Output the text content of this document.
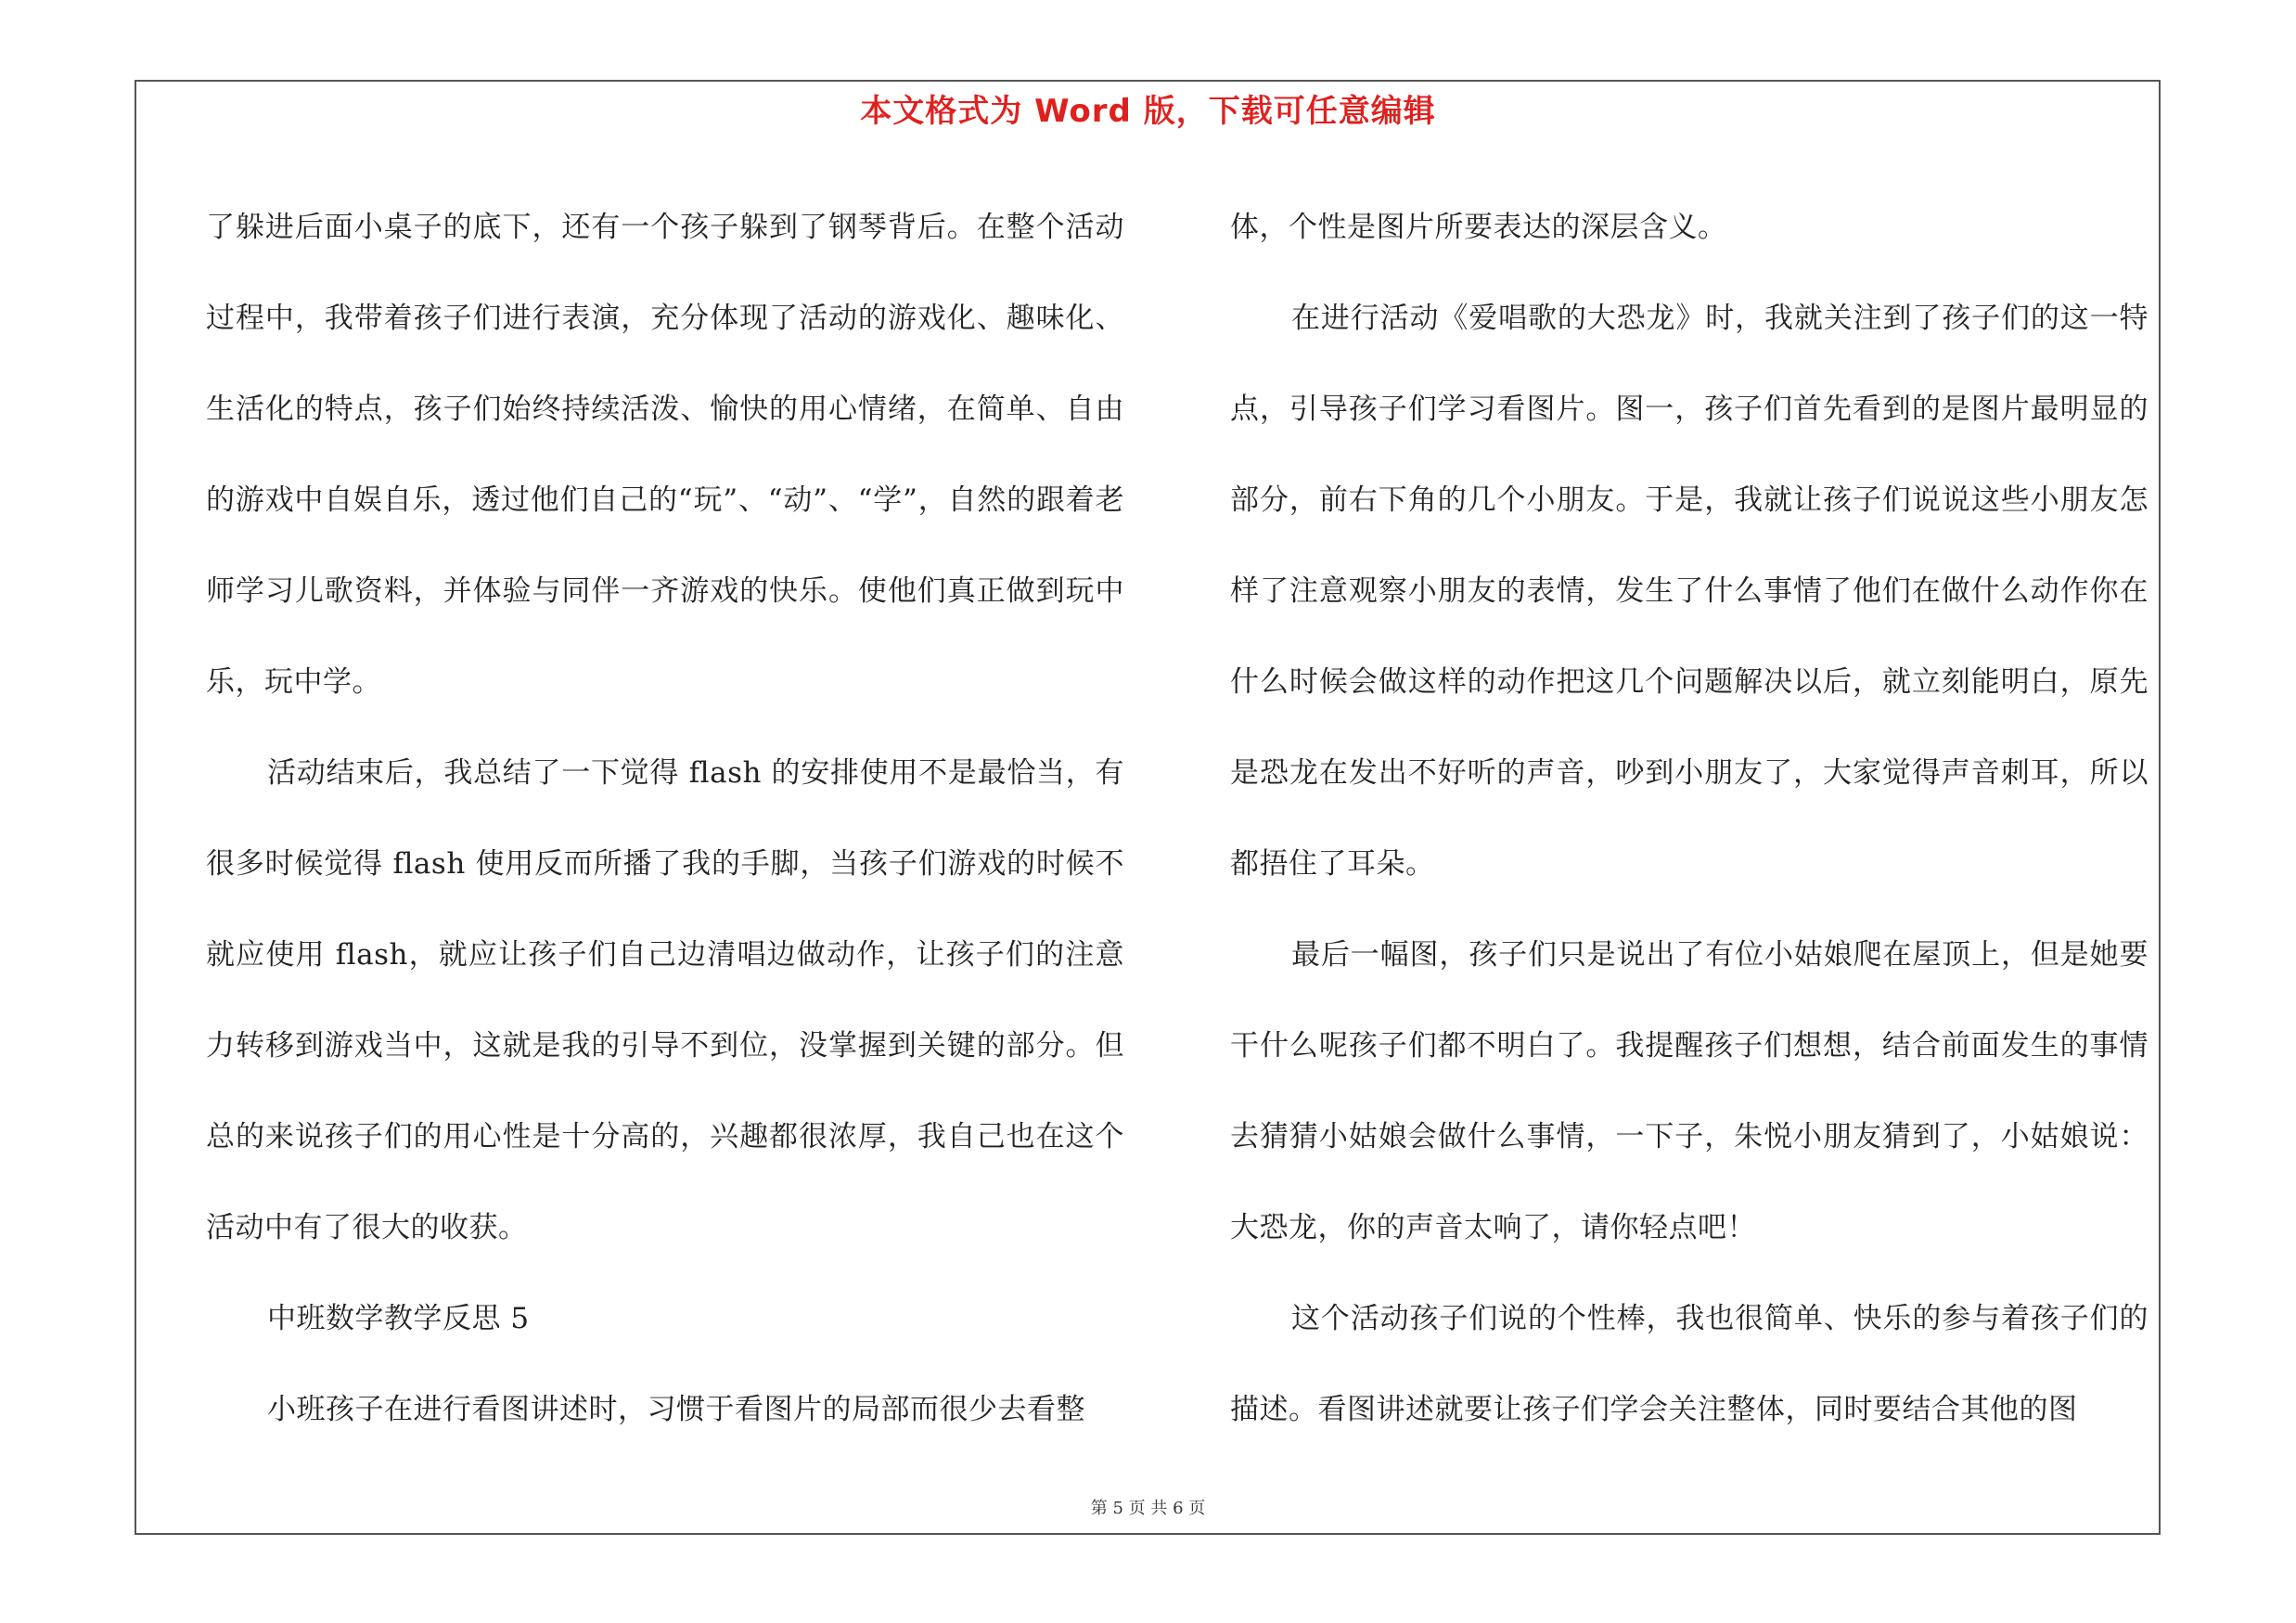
本文格式为 Word 版，下载可任意编辑

了躲进后面小桌子的底下，还有一个孩子躲到了钢琴背后。在整个活动过程中，我带着孩子们进行表演，充分体现了活动的游戏化、趣味化、生活化的特点，孩子们始终持续活泼、愉快的用心情绪，在简单、自由的游戏中自娱自乐，透过他们自己的“玩”、“动”、“学”，自然的跟着老师学习儿歌资料，并体验与同伴一齐游戏的快乐。使他们真正做到玩中乐，玩中学。

活动结束后，我总结了一下觉得 flash 的安排使用不是最恰当，有很多时候觉得 flash 使用反而所播了我的手脚，当孩子们游戏的时候不就应使用 flash，就应让孩子们自己边清唱边做动作，让孩子们的注意力转移到游戏当中，这就是我的引导不到位，没掌握到关键的部分。但总的来说孩子们的用心性是十分高的，兴趣都很浓厚，我自己也在这个活动中有了很大的收获。

中班数学教学反思 5

小班孩子在进行看图讲述时，习惯于看图片的局部而很少去看整

体，个性是图片所要表达的深层含义。

在进行活动《爱唱歌的大恐龙》时，我就关注到了孩子们的这一特点，引导孩子们学习看图片。图一，孩子们首先看到的是图片最明显的部分，前右下角的几个小朋友。于是，我就让孩子们说说这些小朋友怎样了注意观察小朋友的表情，发生了什么事情了他们在做什么动作你在什么时候会做这样的动作把这几个问题解决以后，就立刻能明白，原先是恐龙在发出不好听的声音，吵到小朋友了，大家觉得声音刺耳，所以都捂住了耳朵。

最后一幅图，孩子们只是说出了有位小姑娘爬在屋顶上，但是她要干什么呢孩子们都不明白了。我提醒孩子们想想，结合前面发生的事情去猜猜小姑娘会做什么事情，一下子，朱悦小朋友猜到了，小姑娘说：大恐龙，你的声音太响了，请你轻点吧！

这个活动孩子们说的个性棒，我也很简单、快乐的参与着孩子们的描述。看图讲述就要让孩子们学会关注整体，同时要结合其他的图

第 5 页 共 6 页
